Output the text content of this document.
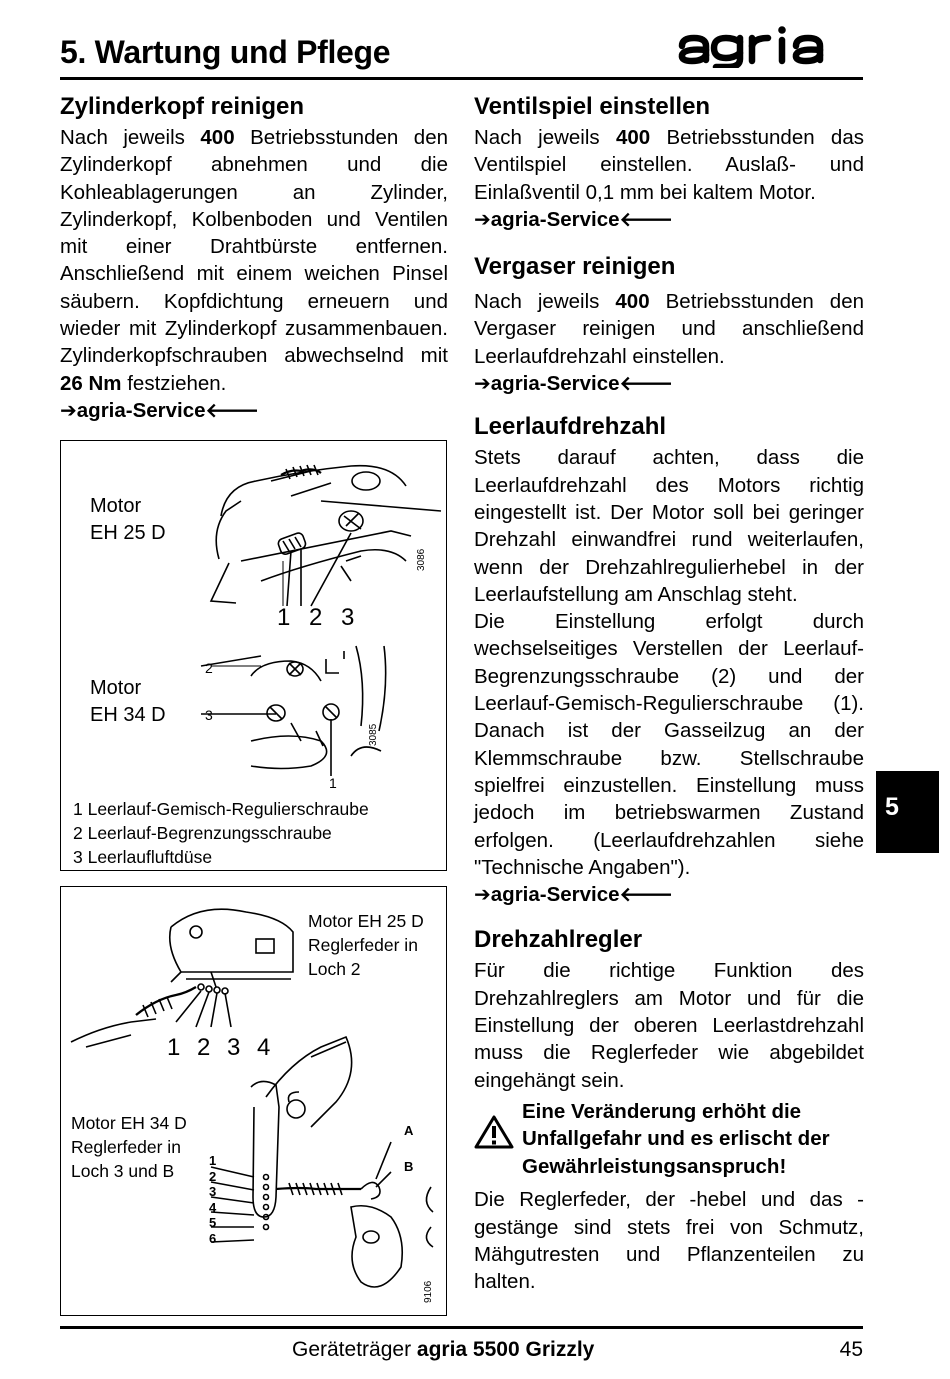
5. Wartung und Pflege
Zylinderkopf reinigen

Nach jeweils 400 Betriebsstunden den Zylinderkopf abnehmen und die Kohleablagerungen an Zylinder, Zylinderkopf, Kolbenboden und Ventilen mit einer Drahtbürste entfernen. Anschließend mit einem weichen Pinsel säubern. Kopfdichtung erneuern und wieder mit Zylinderkopf zusammenbauen. Zylinderkopfschrauben abwechselnd mit 26 Nm festziehen.

➔agria-Service🡐

Motor
EH 25 D
Motor
EH 34 D
1 2 3
2
3
1
3086
3085
1 Leerlauf-Gemisch-Regulierschraube
2 Leerlauf-Begrenzungsschraube
3 Leerlaufluftdüse
Motor EH 25 D
Reglerfeder in
Loch 2
Motor EH 34 D
Reglerfeder in
Loch 3 und B
1 2 3 4
1
2
3
4
5
6
A
B
9106
Ventilspiel einstellen

Nach jeweils 400 Betriebsstunden das Ventilspiel einstellen. Auslaß- und Einlaßventil 0,1 mm bei kaltem Motor.

➔agria-Service🡐

Vergaser reinigen

Nach jeweils 400 Betriebsstunden den Vergaser reinigen und anschließend Leerlaufdrehzahl einstellen.

➔agria-Service🡐

Leerlaufdrehzahl

Stets darauf achten, dass die Leerlaufdrehzahl des Motors richtig eingestellt ist. Der Motor soll bei geringer Drehzahl einwandfrei rund weiterlaufen, wenn der Drehzahlregulierhebel in der Leerlaufstellung am Anschlag steht.

Die Einstellung erfolgt durch wechselseitiges Verstellen der Leerlauf-Begrenzungsschraube (2) und der Leerlauf-Gemisch-Regulierschraube (1). Danach ist der Gasseilzug an der Klemmschraube bzw. Stellschraube spielfrei einzustellen. Einstellung muss jedoch im betriebswarmen Zustand erfolgen. (Leerlaufdrehzahlen siehe "Technische Angaben").

➔agria-Service🡐

Drehzahlregler

Für die richtige Funktion des Drehzahlreglers am Motor und für die Einstellung der oberen Leerlastdrehzahl muss die Reglerfeder wie abgebildet eingehängt sein.

Eine Veränderung erhöht die Unfallgefahr und es erlischt der Gewährleistungsanspruch!

Die Reglerfeder, der -hebel und das -gestänge sind stets frei von Schmutz, Mähgutresten und Pflanzenteilen zu halten.

5
Geräteträger agria 5500 Grizzly	45
